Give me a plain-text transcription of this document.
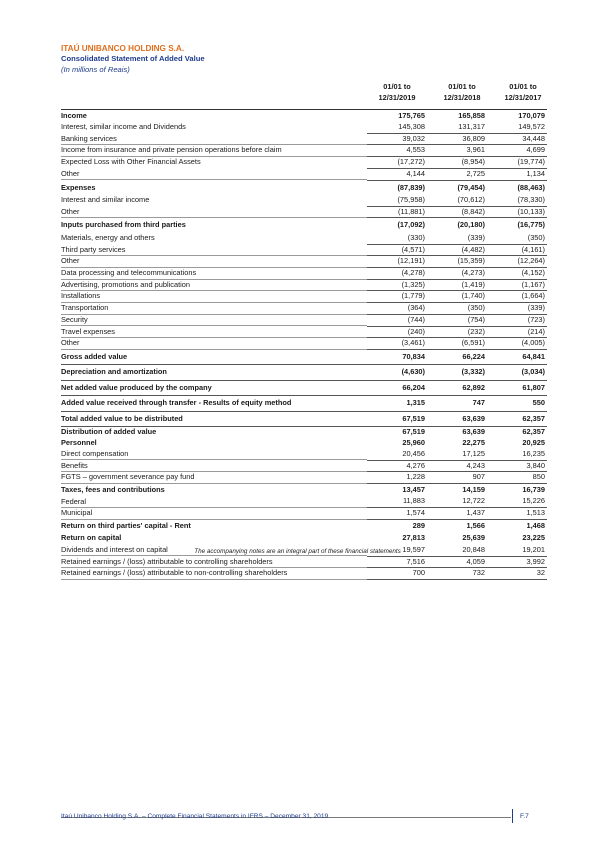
ITAÚ UNIBANCO HOLDING S.A.
Consolidated Statement of Added Value
(In millions of Reais)
01/01 to
12/31/2019
01/01 to
12/31/2018
01/01 to
12/31/2017
Income	175,765	165,858	170,079
Interest, similar income and Dividends	145,308	131,317	149,572
Banking services	39,032	36,809	34,448
Income from insurance and private pension operations before claim	4,553	3,961	4,699
Expected Loss with Other Financial Assets	(17,272)	(8,954)	(19,774)
Other	4,144	2,725	1,134
Expenses	(87,839)	(79,454)	(88,463)
Interest and similar income	(75,958)	(70,612)	(78,330)
Other	(11,881)	(8,842)	(10,133)
Inputs purchased from third parties	(17,092)	(20,180)	(16,775)
Materials, energy and others	(330)	(339)	(350)
Third party services	(4,571)	(4,482)	(4,161)
Other	(12,191)	(15,359)	(12,264)
Data processing and telecommunications	(4,278)	(4,273)	(4,152)
Advertising, promotions and publication	(1,325)	(1,419)	(1,167)
Installations	(1,779)	(1,740)	(1,664)
Transportation	(364)	(350)	(339)
Security	(744)	(754)	(723)
Travel expenses	(240)	(232)	(214)
Other	(3,461)	(6,591)	(4,005)
Gross added value	70,834	66,224	64,841
Depreciation and amortization	(4,630)	(3,332)	(3,034)
Net added value produced by the company	66,204	62,892	61,807
Added value received through transfer - Results of equity method	1,315	747	550
Total added value to be distributed	67,519	63,639	62,357
Distribution of added value	67,519	63,639	62,357
Personnel	25,960	22,275	20,925
Direct compensation	20,456	17,125	16,235
Benefits	4,276	4,243	3,840
FGTS – government severance pay fund	1,228	907	850
Taxes, fees and contributions	13,457	14,159	16,739
Federal	11,883	12,722	15,226
Municipal	1,574	1,437	1,513
Return on third parties' capital - Rent	289	1,566	1,468
Return on capital	27,813	25,639	23,225
Dividends and interest on capital	19,597	20,848	19,201
Retained earnings / (loss) attributable to controlling shareholders	7,516	4,059	3,992
Retained earnings / (loss) attributable to non-controlling shareholders	700	732	32
The accompanying notes are an integral part of these financial statements
Itaú Unibanco Holding S.A. – Complete Financial Statements in IFRS – December 31, 2019	F.7
